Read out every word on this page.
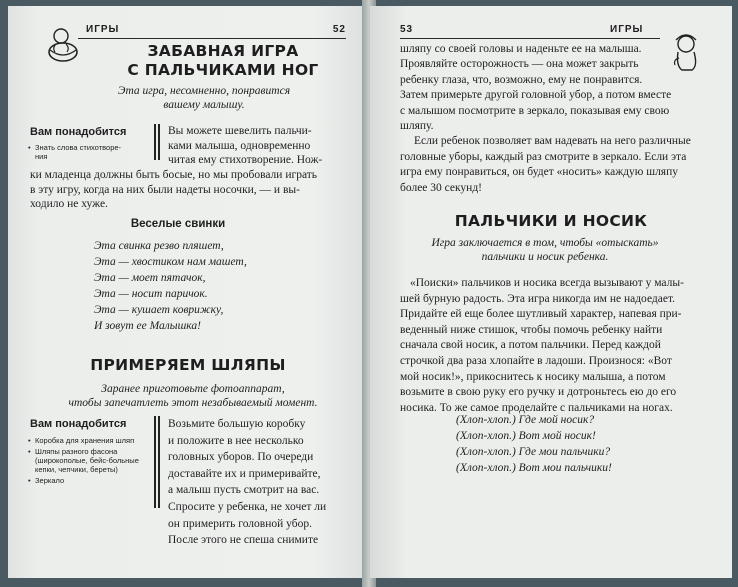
ИГРЫ	52
ЗАБАВНАЯ ИГРА
С ПАЛЬЧИКАМИ НОГ
Эта игра, несомненно, понравится
вашему малышу.
Вам понадобится
• Знать слова стихотворе-
ния
Вы можете шевелить пальчи-
ками малыша, одновременно
читая ему стихотворение. Нож-
ки младенца должны быть босые, но мы пробовали играть
в эту игру, когда на них были надеты носочки, — и вы-
ходило не хуже.
Веселые свинки
Эта свинка резво пляшет,
Эта — хвостиком нам машет,
Эта — моет пятачок,
Эта — носит паричок.
Эта — кушает коврижку,
И зовут ее Малышка!
ПРИМЕРЯЕМ ШЛЯПЫ
Заранее приготовьте фотоаппарат,
чтобы запечатлеть этот незабываемый момент.
Вам понадобится
• Коробка для хранения шляп
• Шляпы разного фасона (широкополые, бейс-больные кепки, чепчики, береты)
• Зеркало
Возьмите большую коробку
и положите в нее несколько
головных уборов. По очереди
доставайте их и примеривайте,
а малыш пусть смотрит на вас.
Спросите у ребенка, не хочет ли
он примерить головной убор.
После этого не спеша снимите
53	ИГРЫ
шляпу со своей головы и наденьте ее на малыша.
Проявляйте осторожность — она может закрыть
ребенку глаза, что, возможно, ему не понравится.
Затем примерьте другой головной убор, а потом вместе
с малышом посмотрите в зеркало, показывая ему свою
шляпу.
Если ребенок позволяет вам надевать на него различные
головные уборы, каждый раз смотрите в зеркало. Если эта
игра ему понравиться, он будет «носить» каждую шляпу
более 30 секунд!
ПАЛЬЧИКИ И НОСИК
Игра заключается в том, чтобы «отыскать»
пальчики и носик ребенка.
«Поиски» пальчиков и носика всегда вызывают у малы-
шей бурную радость. Эта игра никогда им не надоедает.
Придайте ей еще более шутливый характер, напевая при-
веденный ниже стишок, чтобы помочь ребенку найти
сначала свой носик, а потом пальчики. Перед каждой
строчкой два раза хлопайте в ладоши. Произнося: «Вот
мой носик!», прикоснитесь к носику малыша, а потом
возьмите в свою руку его ручку и дотроньтесь ею до его
носика. То же самое проделайте с пальчиками на ногах.
(Хлоп-хлоп.) Где мой носик?
(Хлоп-хлоп.) Вот мой носик!
(Хлоп-хлоп.) Где мои пальчики?
(Хлоп-хлоп.) Вот мои пальчики!
